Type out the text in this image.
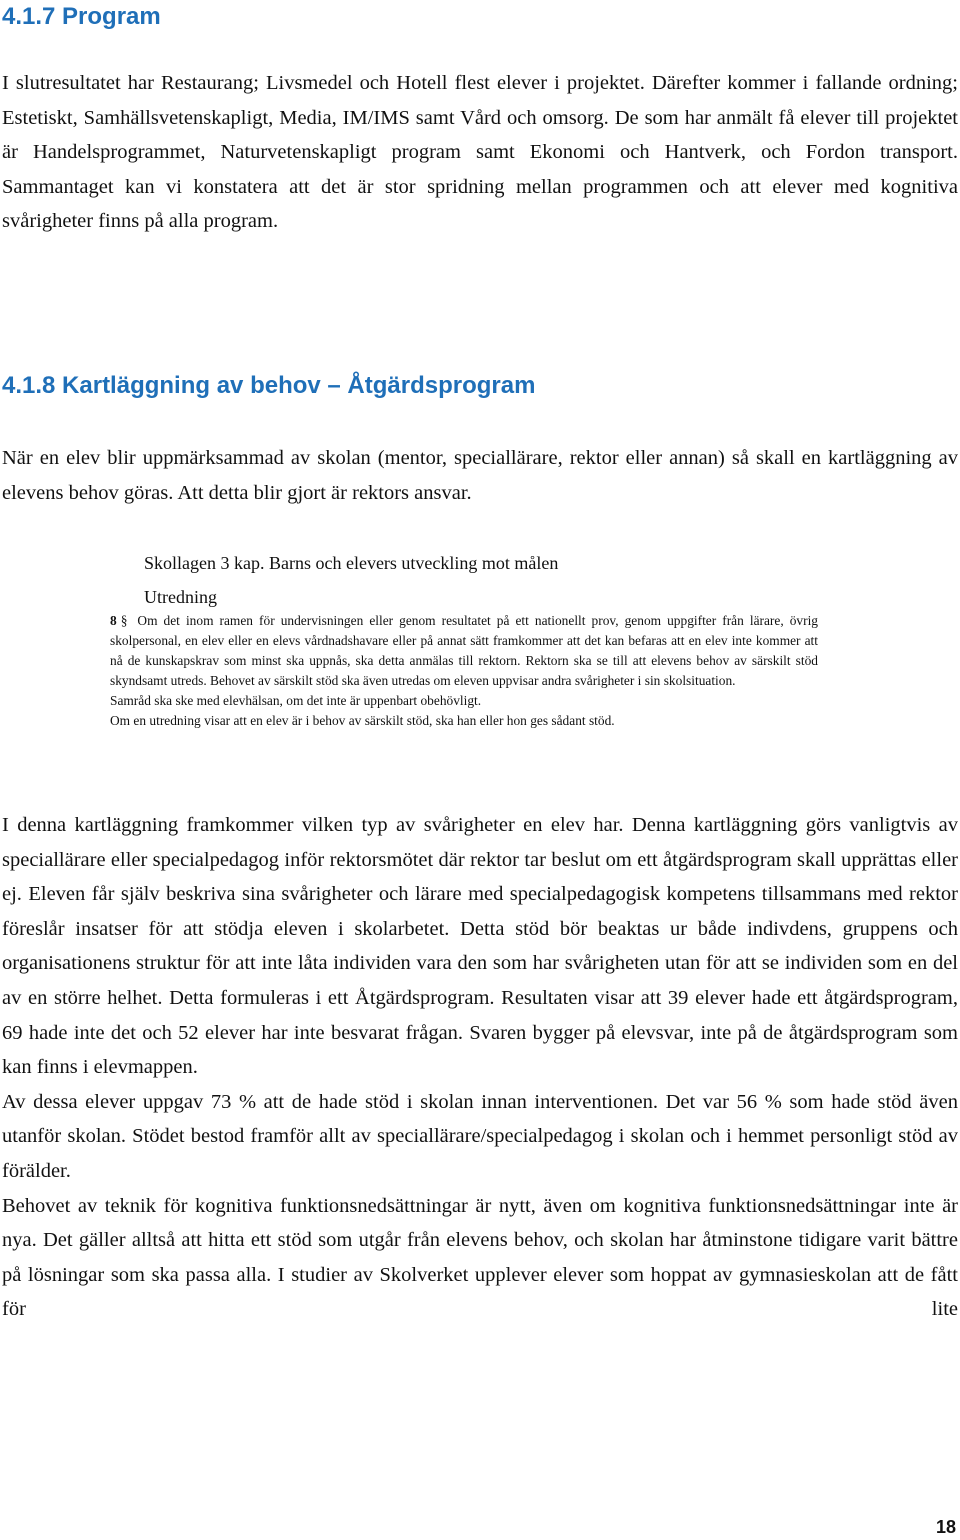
4.1.7 Program

I slutresultatet har Restaurang; Livsmedel och Hotell flest elever i projektet. Därefter kommer i fallande ordning; Estetiskt, Samhällsvetenskapligt, Media, IM/IMS samt Vård och omsorg. De som har anmält få elever till projektet är Handelsprogrammet, Naturvetenskapligt program samt Ekonomi och Hantverk, och Fordon transport. Sammantaget kan vi konstatera att det är stor spridning mellan programmen och att elever med kognitiva svårigheter finns på alla program.

4.1.8 Kartläggning av behov – Åtgärdsprogram

När en elev blir uppmärksammad av skolan (mentor, speciallärare, rektor eller annan) så skall en kartläggning av elevens behov göras. Att detta blir gjort är rektors ansvar.

Skollagen 3 kap. Barns och elevers utveckling mot målen

Utredning

8 § Om det inom ramen för undervisningen eller genom resultatet på ett nationellt prov, genom uppgifter från lärare, övrig skolpersonal, en elev eller en elevs vårdnadshavare eller på annat sätt framkommer att det kan befaras att en elev inte kommer att nå de kunskapskrav som minst ska uppnås, ska detta anmälas till rektorn. Rektorn ska se till att elevens behov av särskilt stöd skyndsamt utreds. Behovet av särskilt stöd ska även utredas om eleven uppvisar andra svårigheter i sin skolsituation.

Samråd ska ske med elevhälsan, om det inte är uppenbart obehövligt.

Om en utredning visar att en elev är i behov av särskilt stöd, ska han eller hon ges sådant stöd.

I denna kartläggning framkommer vilken typ av svårigheter en elev har. Denna kartläggning görs vanligtvis av speciallärare eller specialpedagog inför rektorsmötet där rektor tar beslut om ett åtgärdsprogram skall upprättas eller ej. Eleven får själv beskriva sina svårigheter och lärare med specialpedagogisk kompetens tillsammans med rektor föreslår insatser för att stödja eleven i skolarbetet. Detta stöd bör beaktas ur både indivdens, gruppens och organisationens struktur för att inte låta individen vara den som har svårigheten utan för att se individen som en del av en större helhet. Detta formuleras i ett Åtgärdsprogram. Resultaten visar att 39 elever hade ett åtgärdsprogram, 69 hade inte det och 52 elever har inte besvarat frågan. Svaren bygger på elevsvar, inte på de åtgärdsprogram som kan finns i elevmappen.

Av dessa elever uppgav 73 % att de hade stöd i skolan innan interventionen. Det var 56 % som hade stöd även utanför skolan. Stödet bestod framför allt av speciallärare/specialpedagog i skolan och i hemmet personligt stöd av förälder.

Behovet av teknik för kognitiva funktionsnedsättningar är nytt, även om kognitiva funktionsnedsättningar inte är nya. Det gäller alltså att hitta ett stöd som utgår från elevens behov, och skolan har åtminstone tidigare varit bättre på lösningar som ska passa alla. I studier av Skolverket upplever elever som hoppat av gymnasieskolan att de fått för lite

18
